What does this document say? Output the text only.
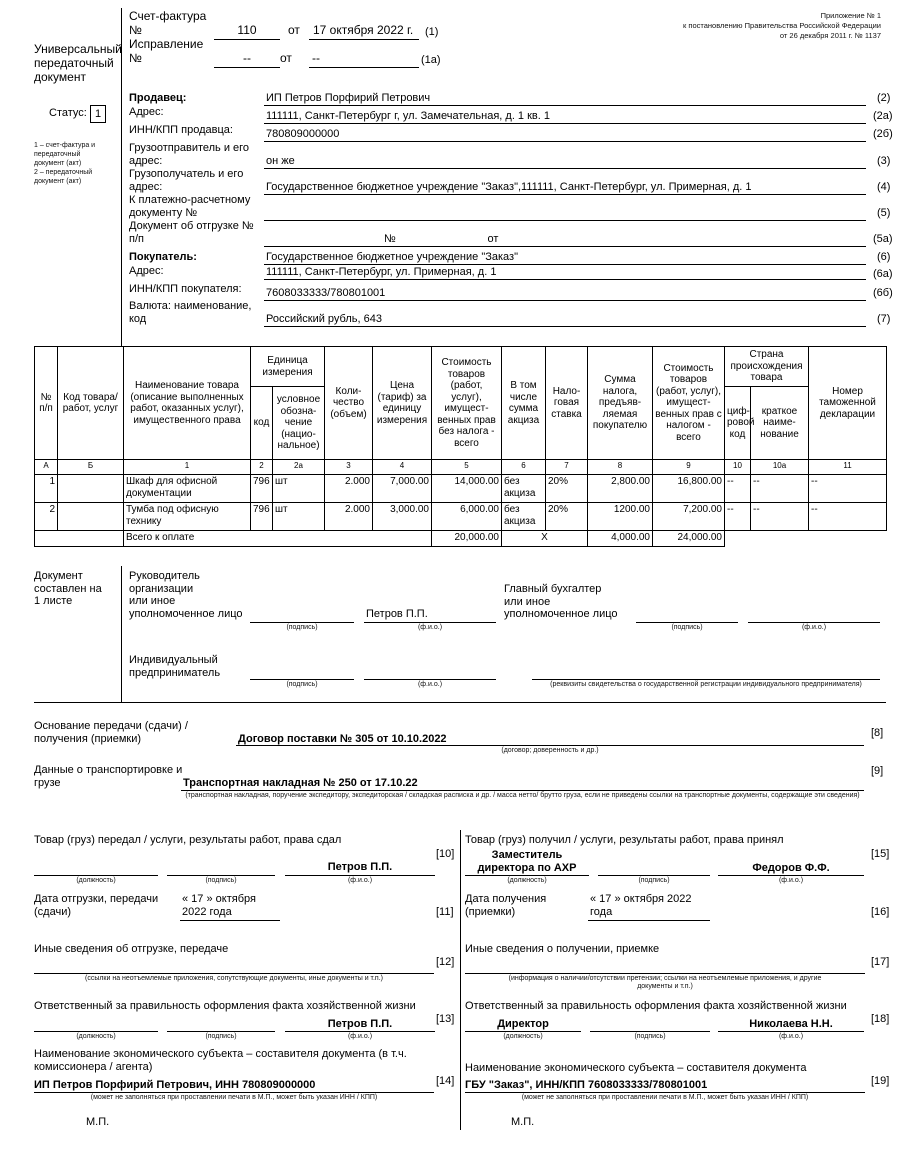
Приложение № 1
к постановлению Правительства Российской Федерации
от 26 декабря 2011 г. № 1137
Универсальный
передаточный
документ
Статус: 1
1 – счет-фактура и
передаточный
документ (акт)
2 – передаточный
документ (акт)
Счет-фактура
№	110	от 17 октября 2022 г. (1)
Исправление
№	--	от --	(1а)
Продавец:	ИП Петров Порфирий Петрович	(2)
Адрес:	111111, Санкт-Петербург г, ул. Замечательная, д. 1 кв. 1	(2а)
ИНН/КПП продавца:	780809000000	(2б)
Грузоотправитель и его адрес:	он же	(3)
Грузополучатель и его адрес:	Государственное бюджетное учреждение "Заказ",111111, Санкт-Петербург, ул. Примерная, д. 1	(4)
К платежно-расчетному документу №	(5)
Документ об отгрузке № п/п	№                              от	(5а)
Покупатель:	Государственное бюджетное учреждение "Заказ"	(6)
Адрес:	111111, Санкт-Петербург, ул. Примерная, д. 1	(6а)
ИНН/КПП покупателя: 7608033333/780801001	(6б)
Валюта: наименование, код	Российский рубль, 643	(7)
№ п/п	Код товара/ работ, услуг	Наименование товара (описание выполненных работ, оказанных услуг), имущественного права	Единица измерения		Коли-чество (объем)	Цена (тариф) за единицу измерения	Стоимость товаров (работ, услуг), имущест-венных прав без налога - всего	В том числе сумма акциза	Нало-говая ставка	Сумма налога, предъяв-ляемая покупателю	Стоимость товаров (работ, услуг), имущест-венных прав с налогом - всего	Страна происхождения товара		Номер таможенной декларации
			код	условное обозна-чение (нацио-нальное)								циф-ровой код	краткое наиме-нование	
А	Б	1	2	2а	3	4	5	6	7	8	9	10	10а	11
1		Шкаф для офисной документации	796	шт	2.000	7,000.00	14,000.00	без акциза	20%	2,800.00	16,800.00	--	--	--
2		Тумба под офисную технику	796	шт	2.000	3,000.00	6,000.00	без акциза	20%	1200.00	7,200.00	--	--	--
		Всего к оплате					20,000.00	X		4,000.00	24,000.00			
Документ
составлен на
1 листе
Руководитель
организации
или иное
уполномоченное лицо
(подпись)
Петров П.П.
(ф.и.о.)
Главный бухгалтер
или иное
уполномоченное лицо
(подпись)	(ф.и.о.)
Индивидуальный
предприниматель
(подпись)	(ф.и.о.)	(реквизиты свидетельства о государственной регистрации индивидуального предпринимателя)
Основание передачи (сдачи) /
получения (приемки)	Договор поставки № 305 от 10.10.2022
(договор; доверенность и др.)
[8]
Данные о транспортировке и
грузе	Транспортная накладная № 250 от 17.10.22
(транспортная накладная, поручение экспедитору, экспедиторская / складская расписка и др. / масса нетто/ брутто груза, если не приведены ссылки на транспортные документы, содержащие эти сведения)
[9]
Товар (груз) передал / услуги, результаты работ, права сдал
(должность)	(подпись)
Петров П.П.
(ф.и.о.)
[10]
Дата отгрузки, передачи
(сдачи)
« 17 » октября
2022 года	[11]
Иные сведения об отгрузке, передаче
(ссылки на неотъемлемые приложения, сопутствующие документы, иные документы и т.п.)
[12]
Ответственный за правильность оформления факта хозяйственной жизни
(должность)	(подпись)
Петров П.П.
(ф.и.о.)
[13]
Наименование экономического субъекта – составителя документа (в т.ч.
комиссионера / агента)
ИП Петров Порфирий Петрович, ИНН 780809000000
(может не заполняться при проставлении печати в М.П., может быть указан ИНН / КПП)
[14]
М.П.
Товар (груз) получил / услуги, результаты работ, права принял
Заместитель
директора по АХР
(должность)	(подпись)
Федоров Ф.Ф.
(ф.и.о.)
[15]
Дата получения
(приемки)
« 17 » октября 2022
года	[16]
Иные сведения о получении, приемке
(информация о наличии/отсутствии претензии; ссылки на неотъемлемые приложения, и другие
документы и т.п.)
[17]
Ответственный за правильность оформления факта хозяйственной жизни
Директор
(должность)	(подпись)
Николаева Н.Н.
(ф.и.о.)
[18]
Наименование экономического субъекта – составителя документа
ГБУ "Заказ", ИНН/КПП 7608033333/780801001
(может не заполняться при проставлении печати в М.П., может быть указан ИНН / КПП)
[19]
М.П.
